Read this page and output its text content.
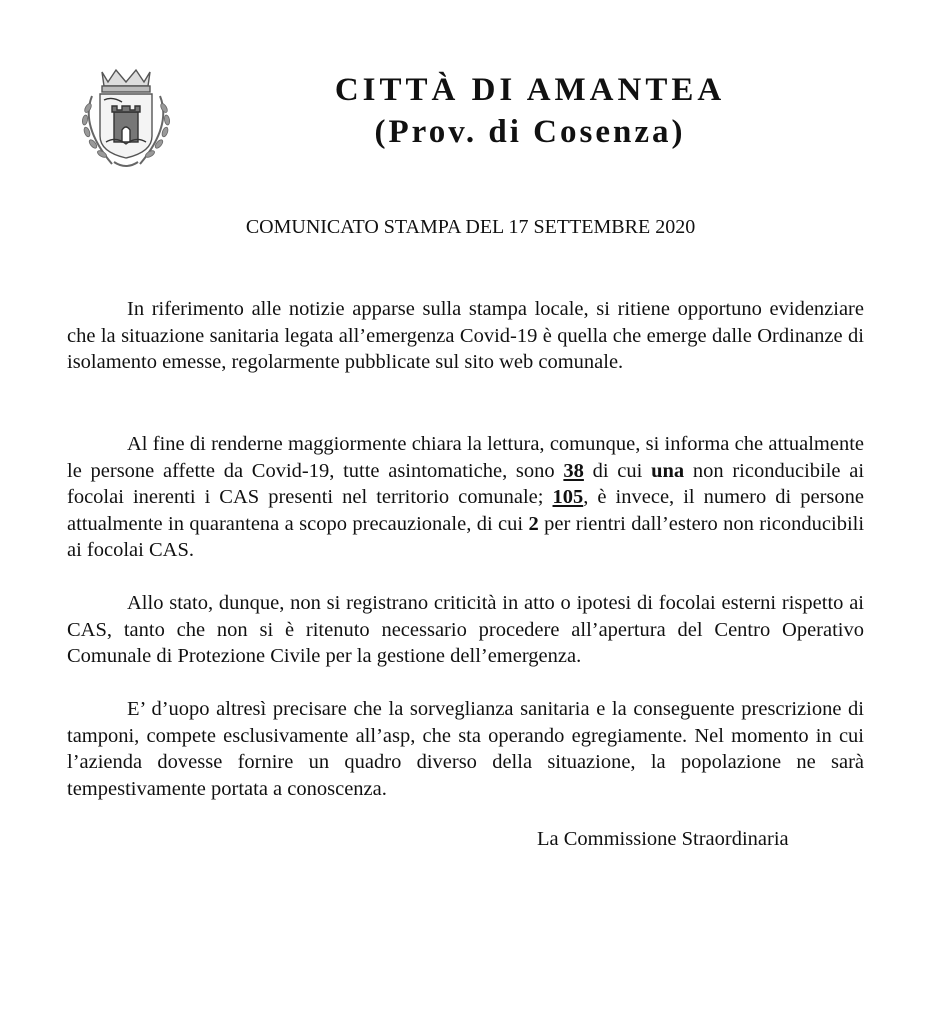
CITTÀ DI AMANTEA
(Prov. di Cosenza)
COMUNICATO STAMPA DEL 17 SETTEMBRE 2020
In riferimento alle notizie apparse sulla stampa locale, si ritiene opportuno evidenziare che la situazione sanitaria legata all’emergenza Covid-19 è quella che emerge dalle Ordinanze di isolamento emesse, regolarmente pubblicate sul sito web comunale.
Al fine di renderne maggiormente chiara la lettura, comunque, si informa che attualmente le persone affette da Covid-19, tutte asintomatiche, sono 38 di cui una non riconducibile ai focolai inerenti i CAS presenti nel territorio comunale; 105, è invece, il numero di persone attualmente in quarantena a scopo precauzionale, di cui 2 per rientri dall’estero non riconducibili ai focolai CAS.
Allo stato, dunque, non si registrano criticità in atto o ipotesi di focolai esterni rispetto ai CAS, tanto che non si è ritenuto necessario procedere all’apertura del Centro Operativo Comunale di Protezione Civile per la gestione dell’emergenza.
E’ d’uopo altresì precisare che la sorveglianza sanitaria e la conseguente prescrizione di tamponi, compete esclusivamente all’asp, che sta operando egregiamente. Nel momento in cui l’azienda dovesse fornire un quadro diverso della situazione, la popolazione ne sarà tempestivamente portata a conoscenza.
La Commissione Straordinaria
